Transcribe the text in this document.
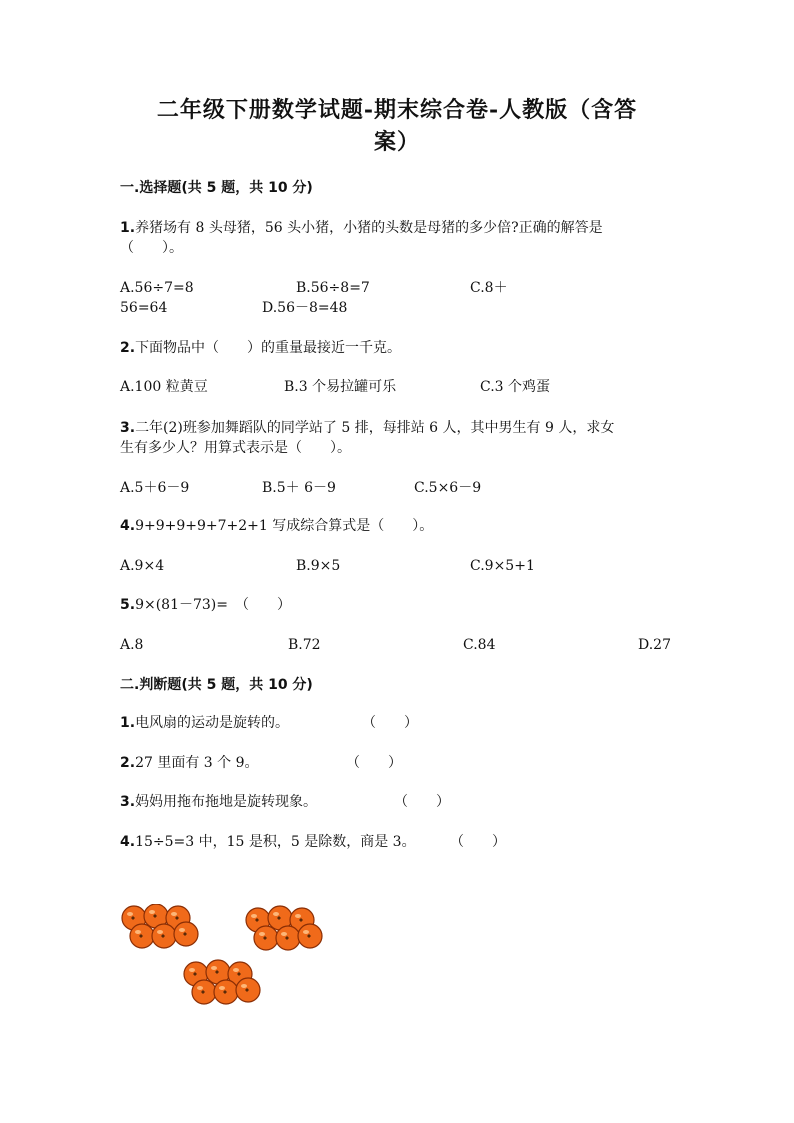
二年级下册数学试题-期末综合卷-人教版（含答
案）
一.选择题(共 5 题，共 10 分)
1.养猪场有 8 头母猪，56 头小猪，小猪的头数是母猪的多少倍?正确的解答是
（　　）。
A.56÷7=8	B.56÷8=7	C.8＋
56=64	D.56－8=48
2.下面物品中（　　）的重量最接近一千克。
A.100 粒黄豆	B.3 个易拉罐可乐	C.3 个鸡蛋
3.二年(2)班参加舞蹈队的同学站了 5 排，每排站 6 人，其中男生有 9 人，求女
生有多少人？用算式表示是（　　）。
A.5＋6－9	B.5＋ 6－9	C.5×6－9
4.9+9+9+9+7+2+1 写成综合算式是（　　）。
A.9×4	B.9×5	C.9×5+1
5.9×(81－73)=　（　　）
A.8	B.72	C.84	D.27
二.判断题(共 5 题，共 10 分)
1.电风扇的运动是旋转的。	（　　）
2.27 里面有 3 个 9。	（　　）
3.妈妈用拖布拖地是旋转现象。	（　　）
4.15÷5=3 中，15 是积，5 是除数，商是 3。 （　　）
